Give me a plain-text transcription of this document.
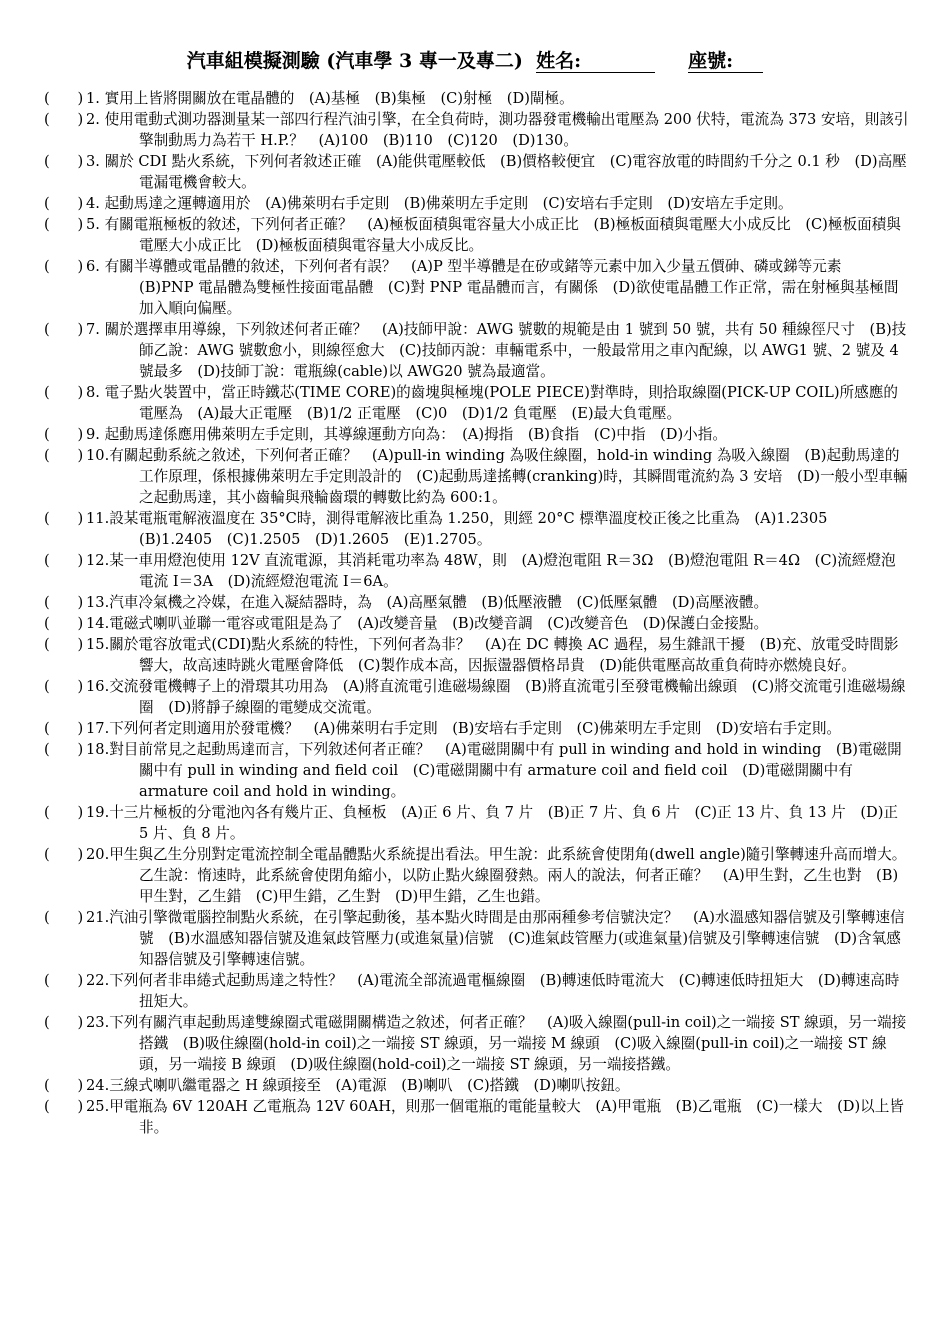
汽車組模擬測驗 (汽車學 3 專一及專二) 姓名:	座號:
(      ) 1. 實用上皆將開關放在電晶體的　(A)基極　(B)集極　(C)射極　(D)閘極。
(      ) 2. 使用電動式測功器測量某一部四行程汽油引擎，在全負荷時，測功器發電機輸出電壓為 200 伏特，電流為 373 安培，則該引擎制動馬力為若干 H.P.？　(A)100　(B)110　(C)120　(D)130。
(      ) 3. 關於 CDI 點火系統，下列何者敘述正確　(A)能供電壓較低　(B)價格較便宜　(C)電容放電的時間約千分之 0.1 秒　(D)高壓電漏電機會較大。
(      ) 4. 起動馬達之運轉適用於　(A)佛萊明右手定則　(B)佛萊明左手定則　(C)安培右手定則　(D)安培左手定則。
(      ) 5. 有關電瓶極板的敘述，下列何者正確？　(A)極板面積與電容量大小成正比　(B)極板面積與電壓大小成反比　(C)極板面積與電壓大小成正比　(D)極板面積與電容量大小成反比。
(      ) 6. 有關半導體或電晶體的敘述，下列何者有誤？　(A)P 型半導體是在矽或鍺等元素中加入少量五價砷、磷或銻等元素　(B)PNP 電晶體為雙極性接面電晶體　(C)對 PNP 電晶體而言，有關係　(D)欲使電晶體工作正常，需在射極與基極間加入順向偏壓。
(      ) 7. 關於選擇車用導線，下列敘述何者正確？　(A)技師甲說：AWG 號數的規範是由 1 號到 50 號，共有 50 種線徑尺寸　(B)技師乙說：AWG 號數愈小，則線徑愈大　(C)技師丙說：車輛電系中，一般最常用之車內配線，以 AWG1 號、2 號及 4 號最多　(D)技師丁說：電瓶線(cable)以 AWG20 號為最適當。
(      ) 8. 電子點火裝置中，當正時鐵芯(TIME CORE)的齒塊與極塊(POLE PIECE)對準時，則拾取線圈(PICK-UP COIL)所感應的電壓為　(A)最大正電壓　(B)1/2 正電壓　(C)0　(D)1/2 負電壓　(E)最大負電壓。
(      ) 9. 起動馬達係應用佛萊明左手定則，其導線運動方向為：　(A)拇指　(B)食指　(C)中指　(D)小指。
(      ) 10.有關起動系統之敘述，下列何者正確？　(A)pull-in winding 為吸住線圈，hold-in winding 為吸入線圈　(B)起動馬達的工作原理，係根據佛萊明左手定則設計的　(C)起動馬達搖轉(cranking)時，其瞬間電流約為 3 安培　(D)一般小型車輛之起動馬達，其小齒輪與飛輪齒環的轉數比約為 600:1。
(      ) 11.設某電瓶電解液溫度在 35°C時，測得電解液比重為 1.250，則經 20°C 標準溫度校正後之比重為　(A)1.2305　(B)1.2405　(C)1.2505　(D)1.2605　(E)1.2705。
(      ) 12.某一車用燈泡使用 12V 直流電源，其消耗電功率為 48W，則　(A)燈泡電阻 R＝3Ω　(B)燈泡電阻 R＝4Ω　(C)流經燈泡電流 I＝3A　(D)流經燈泡電流 I＝6A。
(      ) 13.汽車冷氣機之冷媒，在進入凝結器時，為　(A)高壓氣體　(B)低壓液體　(C)低壓氣體　(D)高壓液體。
(      ) 14.電磁式喇叭並聯一電容或電阻是為了　(A)改變音量　(B)改變音調　(C)改變音色　(D)保護白金接點。
(      ) 15.關於電容放電式(CDI)點火系統的特性，下列何者為非？　(A)在 DC 轉換 AC 過程，易生雜訊干擾　(B)充、放電受時間影響大，故高速時跳火電壓會降低　(C)製作成本高，因振盪器價格昂貴　(D)能供電壓高故重負荷時亦燃燒良好。
(      ) 16.交流發電機轉子上的滑環其功用為　(A)將直流電引進磁場線圈　(B)將直流電引至發電機輸出線頭　(C)將交流電引進磁場線圈　(D)將靜子線圈的電變成交流電。
(      ) 17.下列何者定則適用於發電機？　(A)佛萊明右手定則　(B)安培右手定則　(C)佛萊明左手定則　(D)安培右手定則。
(      ) 18.對目前常見之起動馬達而言，下列敘述何者正確？　(A)電磁開關中有 pull in winding and hold in winding　(B)電磁開關中有 pull in winding and field coil　(C)電磁開關中有 armature coil and field coil　(D)電磁開關中有 armature coil and hold in winding。
(      ) 19.十三片極板的分電池內各有幾片正、負極板　(A)正 6 片、負 7 片　(B)正 7 片、負 6 片　(C)正 13 片、負 13 片　(D)正 5 片、負 8 片。
(      ) 20.甲生與乙生分別對定電流控制全電晶體點火系統提出看法。甲生說：此系統會使閉角(dwell angle)隨引擎轉速升高而增大。乙生說：惰速時，此系統會使閉角縮小，以防止點火線圈發熱。兩人的說法，何者正確？　(A)甲生對，乙生也對　(B)甲生對，乙生錯　(C)甲生錯，乙生對　(D)甲生錯，乙生也錯。
(      ) 21.汽油引擎微電腦控制點火系統，在引擎起動後，基本點火時間是由那兩種參考信號決定？　(A)水溫感知器信號及引擎轉速信號　(B)水溫感知器信號及進氣歧管壓力(或進氣量)信號　(C)進氣歧管壓力(或進氣量)信號及引擎轉速信號　(D)含氧感知器信號及引擎轉速信號。
(      ) 22.下列何者非串綣式起動馬達之特性？　(A)電流全部流過電樞線圈　(B)轉速低時電流大　(C)轉速低時扭矩大　(D)轉速高時扭矩大。
(      ) 23.下列有關汽車起動馬達雙線圈式電磁開關構造之敘述，何者正確？　(A)吸入線圈(pull-in coil)之一端接 ST 線頭，另一端接搭鐵　(B)吸住線圈(hold-in coil)之一端接 ST 線頭，另一端接 M 線頭　(C)吸入線圈(pull-in coil)之一端接 ST 線頭，另一端接 B 線頭　(D)吸住線圈(hold-coil)之一端接 ST 線頭，另一端接搭鐵。
(      ) 24.三線式喇叭繼電器之 H 線頭接至　(A)電源　(B)喇叭　(C)搭鐵　(D)喇叭按鈕。
(      ) 25.甲電瓶為 6V 120AH 乙電瓶為 12V 60AH，則那一個電瓶的電能量較大　(A)甲電瓶　(B)乙電瓶　(C)一樣大　(D)以上皆非。
